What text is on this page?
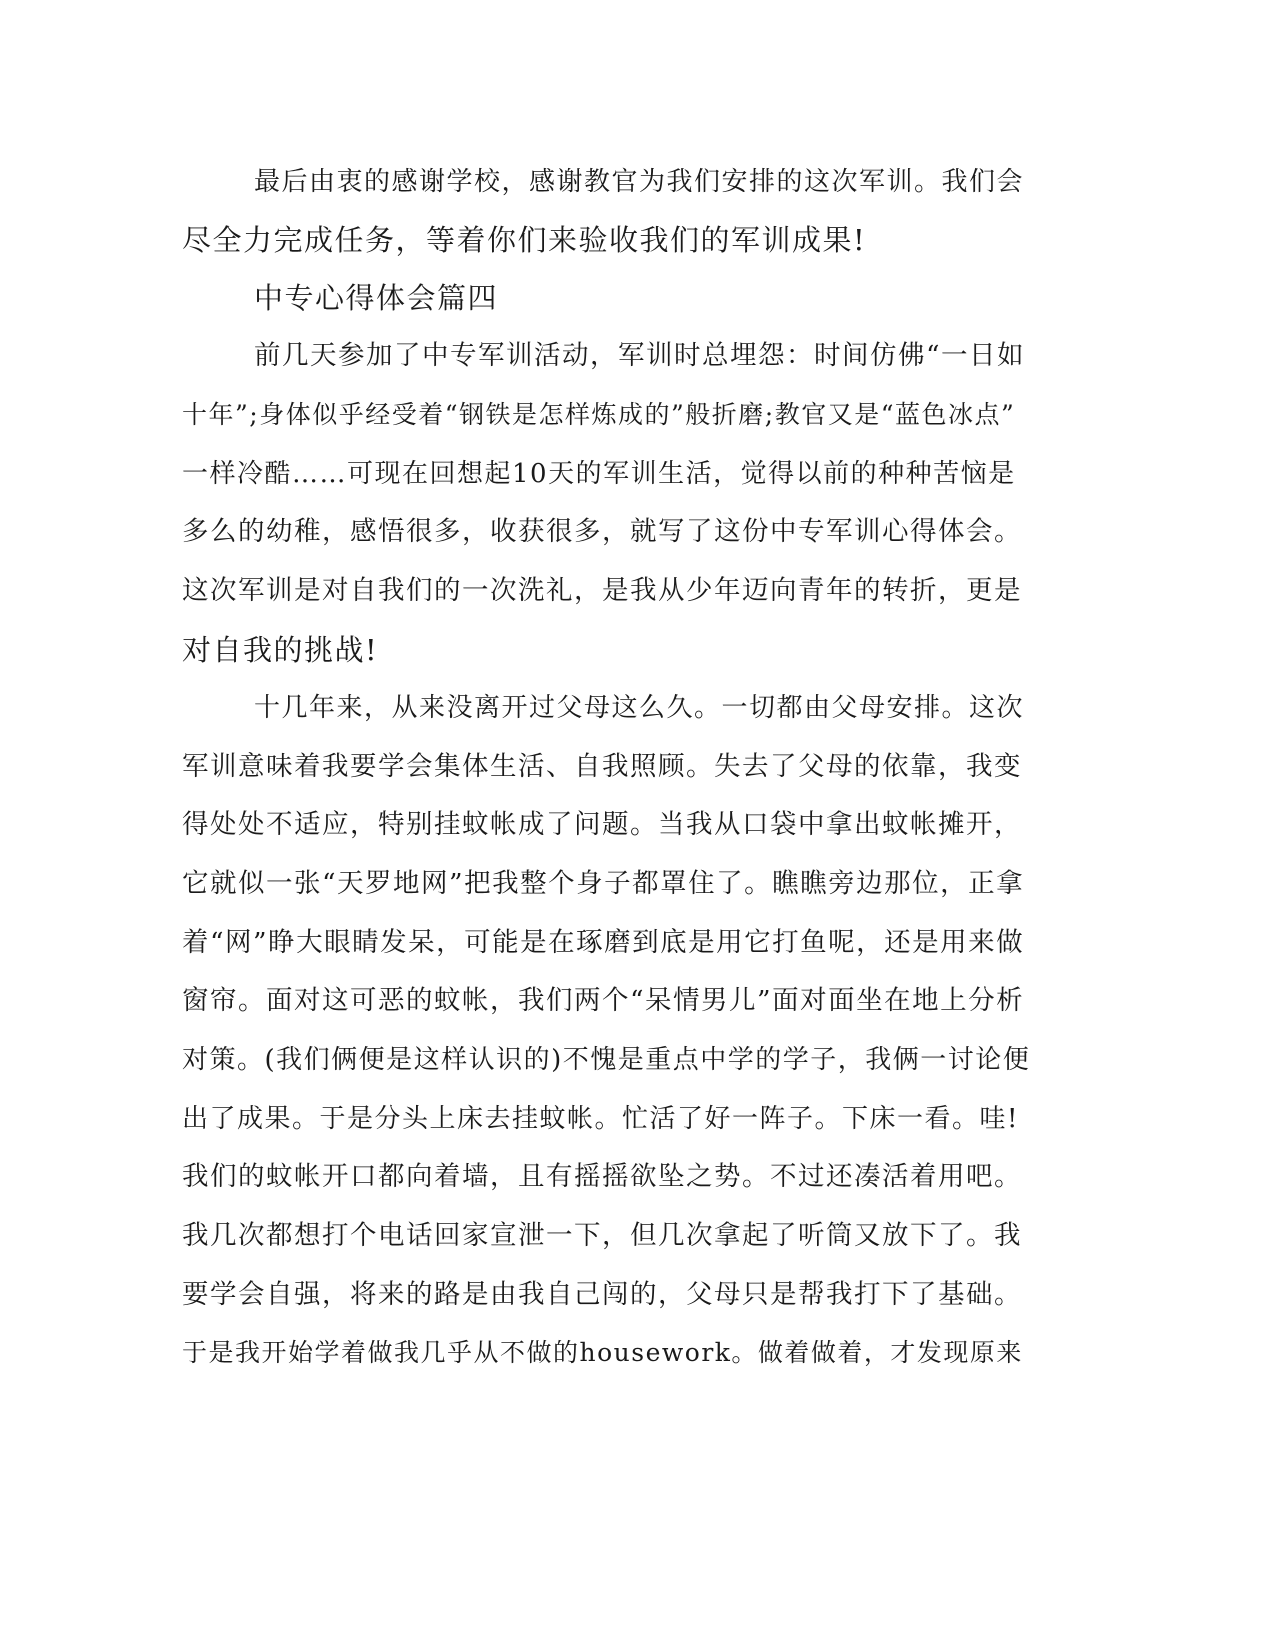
最后由衷的感谢学校，感谢教官为我们安排的这次军训。我们会
尽全力完成任务，等着你们来验收我们的军训成果!
中专心得体会篇四
前几天参加了中专军训活动，军训时总埋怨：时间仿佛“一日如
十年”;身体似乎经受着“钢铁是怎样炼成的”般折磨;教官又是“蓝色冰点”
一样冷酷……可现在回想起10天的军训生活，觉得以前的种种苦恼是
多么的幼稚，感悟很多，收获很多，就写了这份中专军训心得体会。
这次军训是对自我们的一次洗礼，是我从少年迈向青年的转折，更是
对自我的挑战!
十几年来，从来没离开过父母这么久。一切都由父母安排。这次
军训意味着我要学会集体生活、自我照顾。失去了父母的依靠，我变
得处处不适应，特别挂蚊帐成了问题。当我从口袋中拿出蚊帐摊开，
它就似一张“天罗地网”把我整个身子都罩住了。瞧瞧旁边那位，正拿
着“网”睁大眼睛发呆，可能是在琢磨到底是用它打鱼呢，还是用来做
窗帘。面对这可恶的蚊帐，我们两个“呆情男儿”面对面坐在地上分析
对策。(我们俩便是这样认识的)不愧是重点中学的学子，我俩一讨论便
出了成果。于是分头上床去挂蚊帐。忙活了好一阵子。下床一看。哇!
我们的蚊帐开口都向着墙，且有摇摇欲坠之势。不过还凑活着用吧。
我几次都想打个电话回家宣泄一下，但几次拿起了听筒又放下了。我
要学会自强，将来的路是由我自己闯的，父母只是帮我打下了基础。
于是我开始学着做我几乎从不做的housework。做着做着，才发现原来
